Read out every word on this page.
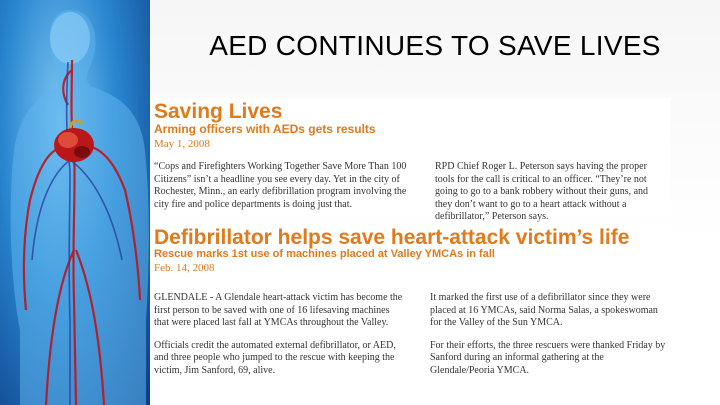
AED CONTINUES TO SAVE LIVES
Saving Lives
Arming officers with AEDs gets results
May 1, 2008

“Cops and Firefighters Working Together Save More Than 100 Citizens” isn’t a headline you see every day. Yet in the city of Rochester, Minn., an early defibrillation program involving the city fire and police departments is doing just that.

RPD Chief Roger L. Peterson says having the proper tools for the call is critical to an officer. “They’re not going to go to a bank robbery without their guns, and they don’t want to go to a heart attack without a defibrillator,” Peterson says.

Defibrillator helps save heart-attack victim’s life
Rescue marks 1st use of machines placed at Valley YMCAs in fall
Feb. 14, 2008

GLENDALE - A Glendale heart-attack victim has become the first person to be saved with one of 16 lifesaving machines that were placed last fall at YMCAs throughout the Valley.

Officials credit the automated external defibrillator, or AED, and three people who jumped to the rescue with keeping the victim, Jim Sanford, 69, alive.

It marked the first use of a defibrillator since they were placed at 16 YMCAs, said Norma Salas, a spokeswoman for the Valley of the Sun YMCA.

For their efforts, the three rescuers were thanked Friday by Sanford during an informal gathering at the Glendale/Peoria YMCA.
